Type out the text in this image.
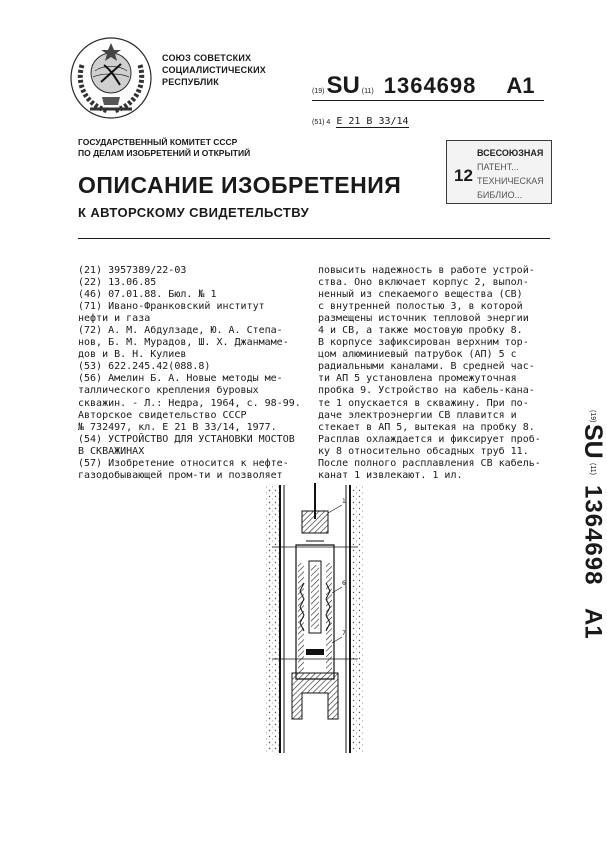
СОЮЗ СОВЕТСКИХ
СОЦИАЛИСТИЧЕСКИХ
РЕСПУБЛИК
(19) SU (11) 1364698 A1
(51) 4 Е 21 В 33/14
ГОСУДАРСТВЕННЫЙ КОМИТЕТ СССР
ПО ДЕЛАМ ИЗОБРЕТЕНИЙ И ОТКРЫТИЙ
ОПИСАНИЕ ИЗОБРЕТЕНИЯ
К АВТОРСКОМУ СВИДЕТЕЛЬСТВУ
12
ВСЕСОЮЗНАЯ
ПАТЕНТ...
ТЕХНИЧЕСКАЯ
БИБЛИО...
(21) 3957389/22-03
(22) 13.06.85
(46) 07.01.88. Бюл. № 1
(71) Ивано-Франковский институт
нефти и газа
(72) А. М. Абдулзаде, Ю. А. Степа-
нов, Б. М. Мурадов, Ш. Х. Джанмаме-
дов и В. Н. Кулиев
(53) 622.245.42(088.8)
(56) Амелин Б. А. Новые методы ме-
таллического крепления буровых
скважин. - Л.: Недра, 1964, с. 98-99.
Авторское свидетельство СССР
№ 732497, кл. Е 21 В 33/14, 1977.
(54) УСТРОЙСТВО ДЛЯ УСТАНОВКИ МОСТОВ
В СКВАЖИНАХ
(57) Изобретение относится к нефте-
газодобывающей пром-ти и позволяет
повысить надежность в работе устрой-
ства. Оно включает корпус 2, выпол-
ненный из спекаемого вещества (СВ)
с внутренней полостью 3, в которой
размещены источник тепловой энергии
4 и СВ, а также мостовую пробку 8.
В корпусе зафиксирован верхним тор-
цом алюминиевый патрубок (АП) 5 с
радиальными каналами. В средней час-
ти АП 5 установлена промежуточная
пробка 9. Устройство на кабель-кана-
те 1 опускается в скважину. При по-
даче электроэнергии СВ плавится и
стекает в АП 5, вытекая на пробку 8.
Расплав охлаждается и фиксирует проб-
ку 8 относительно обсадных труб 11.
После полного расплавления СВ кабель-
канат 1 извлекают. 1 ил.
(19)
SU
(11)
1364698
A1
1
6
7
